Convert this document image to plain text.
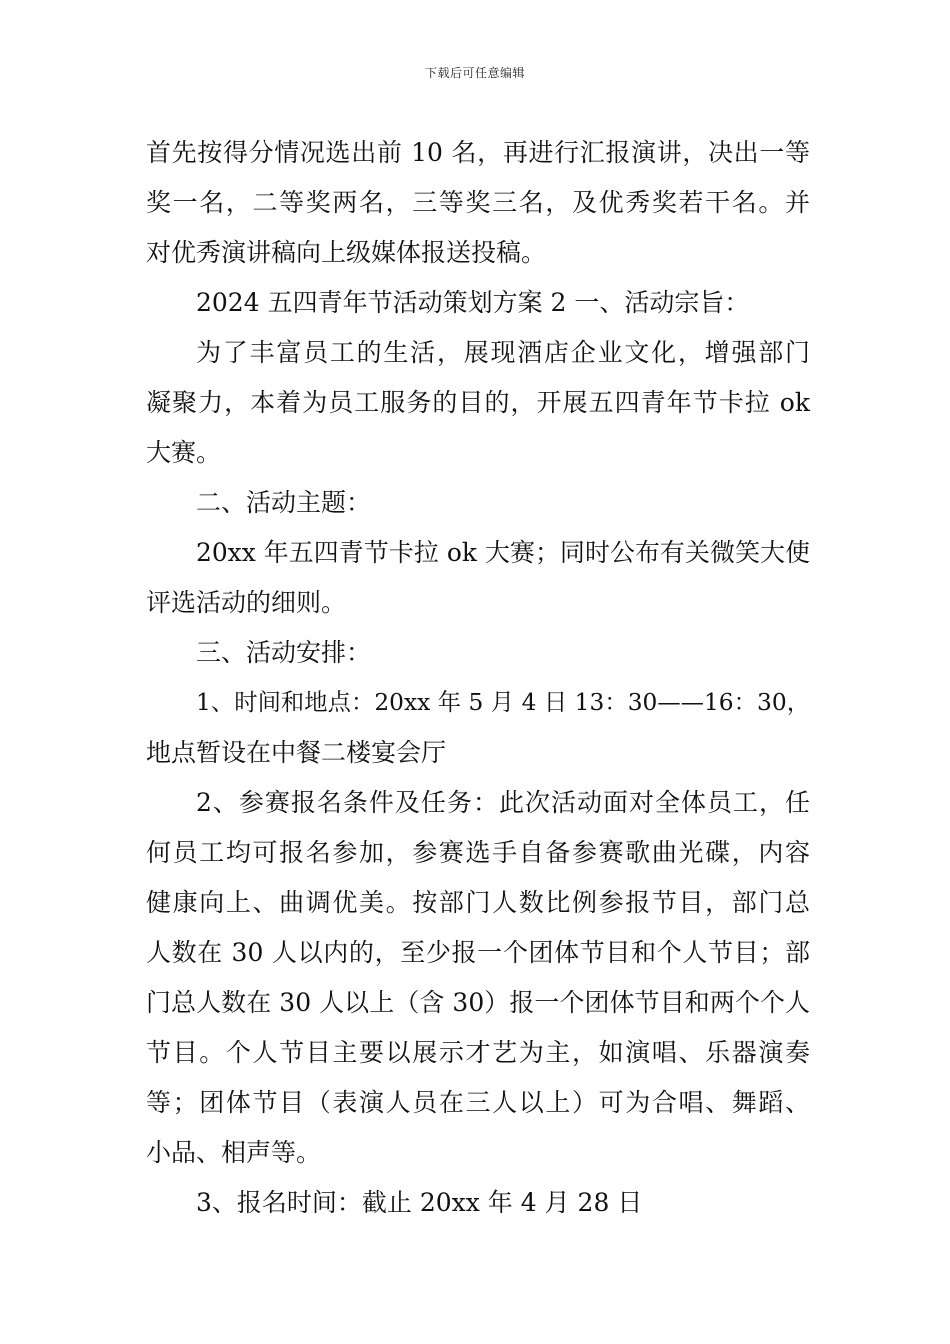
下载后可任意编辑
首先按得分情况选出前 10 名，再进行汇报演讲，决出一等
奖一名，二等奖两名，三等奖三名，及优秀奖若干名。并
对优秀演讲稿向上级媒体报送投稿。
2024 五四青年节活动策划方案 2 一、活动宗旨：
为了丰富员工的生活，展现酒店企业文化，增强部门
凝聚力，本着为员工服务的目的，开展五四青年节卡拉 ok
大赛。
二、活动主题：
20xx 年五四青节卡拉 ok 大赛；同时公布有关微笑大使
评选活动的细则。
三、活动安排：
1、时间和地点：20xx 年 5 月 4 日 13：30——16：30，
地点暂设在中餐二楼宴会厅
2、参赛报名条件及任务：此次活动面对全体员工，任
何员工均可报名参加，参赛选手自备参赛歌曲光碟，内容
健康向上、曲调优美。按部门人数比例参报节目，部门总
人数在 30 人以内的，至少报一个团体节目和个人节目；部
门总人数在 30 人以上（含 30）报一个团体节目和两个个人
节目。个人节目主要以展示才艺为主，如演唱、乐器演奏
等；团体节目（表演人员在三人以上）可为合唱、舞蹈、
小品、相声等。
3、报名时间：截止 20xx 年 4 月 28 日
